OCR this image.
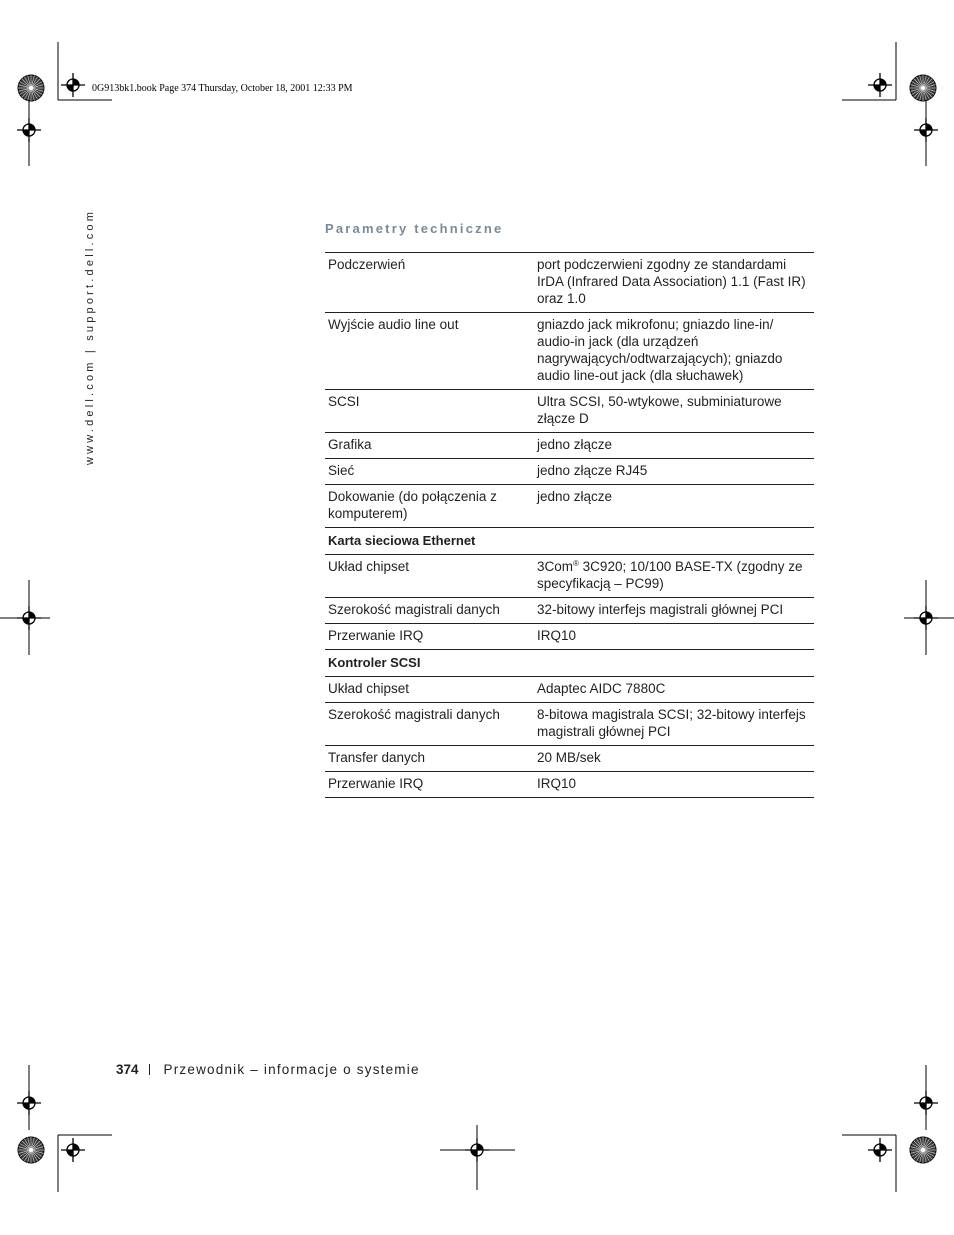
0G913bk1.book Page 374 Thursday, October 18, 2001 12:33 PM
www.dell.com | support.dell.com	Parametry techniczne
Podczerwień	port podczerwieni zgodny ze standardami IrDA (Infrared Data Association) 1.1 (Fast IR) oraz 1.0
Wyjście audio line out	gniazdo jack mikrofonu; gniazdo line-in/ audio-in jack (dla urządzeń nagrywających/odtwarzających); gniazdo audio line-out jack (dla słuchawek)
SCSI	Ultra SCSI, 50-wtykowe, subminiaturowe złącze D
Grafika	jedno złącze
Sieć	jedno złącze RJ45
Dokowanie (do połączenia z komputerem)	jedno złącze
Karta sieciowa Ethernet	
Układ chipset	3Com® 3C920; 10/100 BASE-TX (zgodny ze specyfikacją – PC99)
Szerokość magistrali danych	32-bitowy interfejs magistrali głównej PCI
Przerwanie IRQ	IRQ10
Kontroler SCSI	
Układ chipset	Adaptec AIDC 7880C
Szerokość magistrali danych	8-bitowa magistrala SCSI; 32-bitowy interfejs magistrali głównej PCI
Transfer danych	20 MB/sek
Przerwanie IRQ	IRQ10
374 Przewodnik – informacje o systemie
